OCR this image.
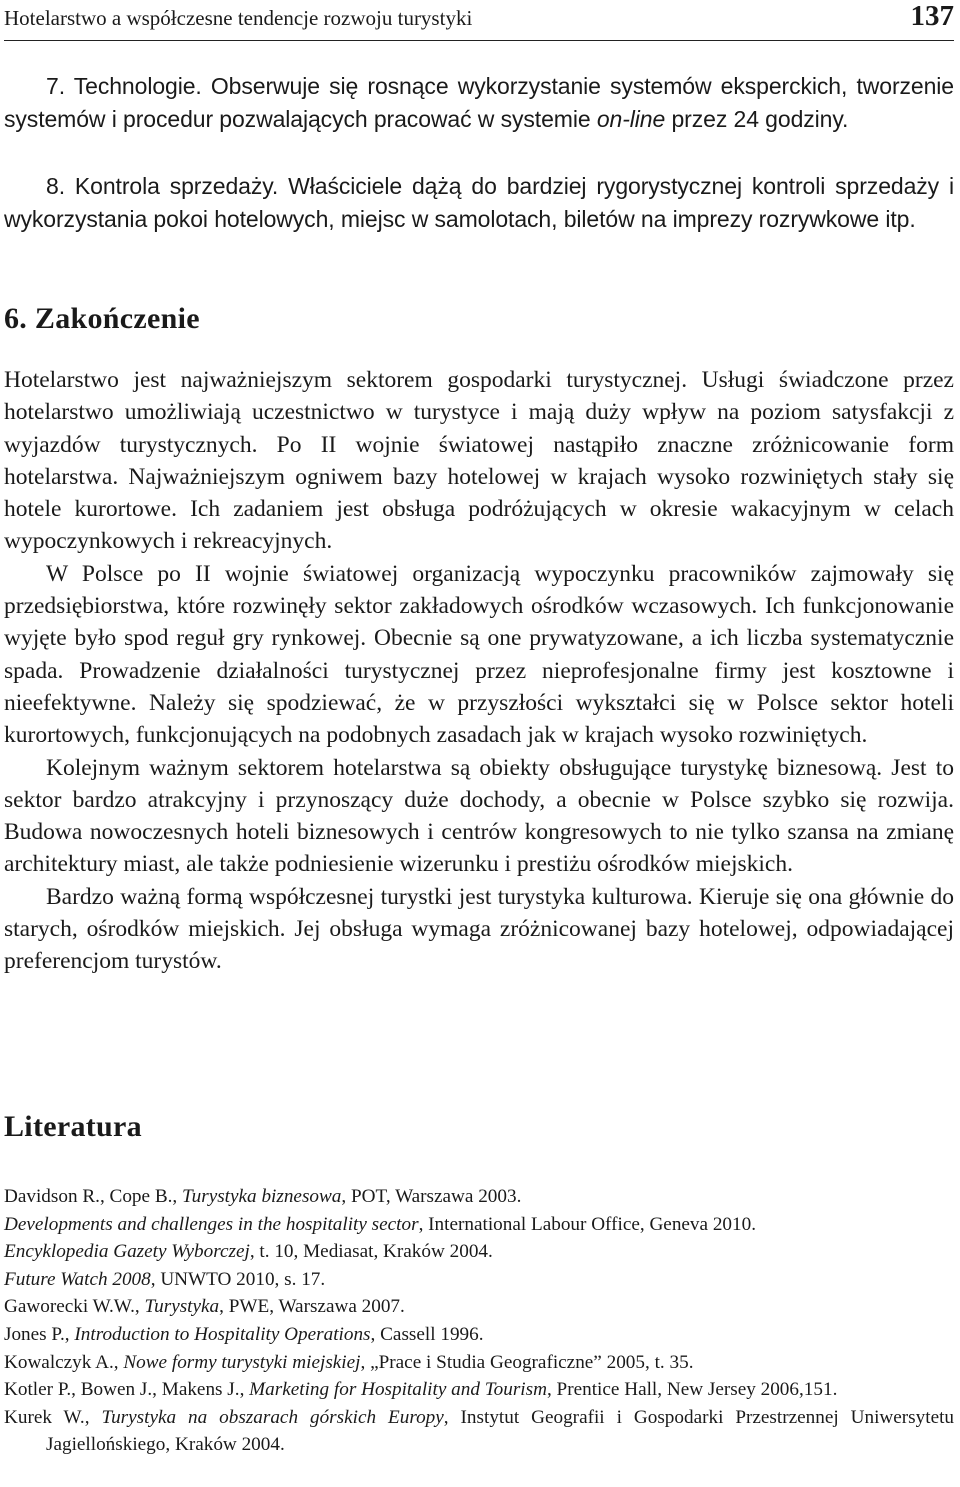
Hotelarstwo a współczesne tendencje rozwoju turystyki	137

7. Technologie. Obserwuje się rosnące wykorzystanie systemów eksperckich, tworzenie systemów i procedur pozwalających pracować w systemie on-line przez 24 godziny.

8. Kontrola sprzedaży. Właściciele dążą do bardziej rygorystycznej kontroli sprzedaży i wykorzystania pokoi hotelowych, miejsc w samolotach, biletów na imprezy rozrywkowe itp.

6. Zakończenie

Hotelarstwo jest najważniejszym sektorem gospodarki turystycznej. Usługi świadczone przez hotelarstwo umożliwiają uczestnictwo w turystyce i mają duży wpływ na poziom satysfakcji z wyjazdów turystycznych. Po II wojnie światowej nastąpiło znaczne zróżnicowanie form hotelarstwa. Najważniejszym ogniwem bazy hotelowej w krajach wysoko rozwiniętych stały się hotele kurortowe. Ich zadaniem jest obsługa podróżujących w okresie wakacyjnym w celach wypoczynkowych i rekreacyjnych.

W Polsce po II wojnie światowej organizacją wypoczynku pracowników zajmowały się przedsiębiorstwa, które rozwinęły sektor zakładowych ośrodków wczasowych. Ich funkcjonowanie wyjęte było spod reguł gry rynkowej. Obecnie są one prywatyzowane, a ich liczba systematycznie spada. Prowadzenie działalności turystycznej przez nieprofesjonalne firmy jest kosztowne i nieefektywne. Należy się spodziewać, że w przyszłości wykształci się w Polsce sektor hoteli kurortowych, funkcjonujących na podobnych zasadach jak w krajach wysoko rozwiniętych.

Kolejnym ważnym sektorem hotelarstwa są obiekty obsługujące turystykę biznesową. Jest to sektor bardzo atrakcyjny i przynoszący duże dochody, a obecnie w Polsce szybko się rozwija. Budowa nowoczesnych hoteli biznesowych i centrów kongresowych to nie tylko szansa na zmianę architektury miast, ale także podniesienie wizerunku i prestiżu ośrodków miejskich.

Bardzo ważną formą współczesnej turystki jest turystyka kulturowa. Kieruje się ona głównie do starych, ośrodków miejskich. Jej obsługa wymaga zróżnicowanej bazy hotelowej, odpowiadającej preferencjom turystów.

Literatura
Davidson R., Cope B., Turystyka biznesowa, POT, Warszawa 2003.
Developments and challenges in the hospitality sector, International Labour Office, Geneva 2010.
Encyklopedia Gazety Wyborczej, t. 10, Mediasat, Kraków 2004.
Future Watch 2008, UNWTO 2010, s. 17.
Gaworecki W.W., Turystyka, PWE, Warszawa 2007.
Jones P., Introduction to Hospitality Operations, Cassell 1996.
Kowalczyk A., Nowe formy turystyki miejskiej, „Prace i Studia Geograficzne” 2005, t. 35.
Kotler P., Bowen J., Makens J., Marketing for Hospitality and Tourism, Prentice Hall, New Jersey 2006,151.
Kurek W., Turystyka na obszarach górskich Europy, Instytut Geografii i Gospodarki Przestrzennej Uniwersytetu Jagiellońskiego, Kraków 2004.
